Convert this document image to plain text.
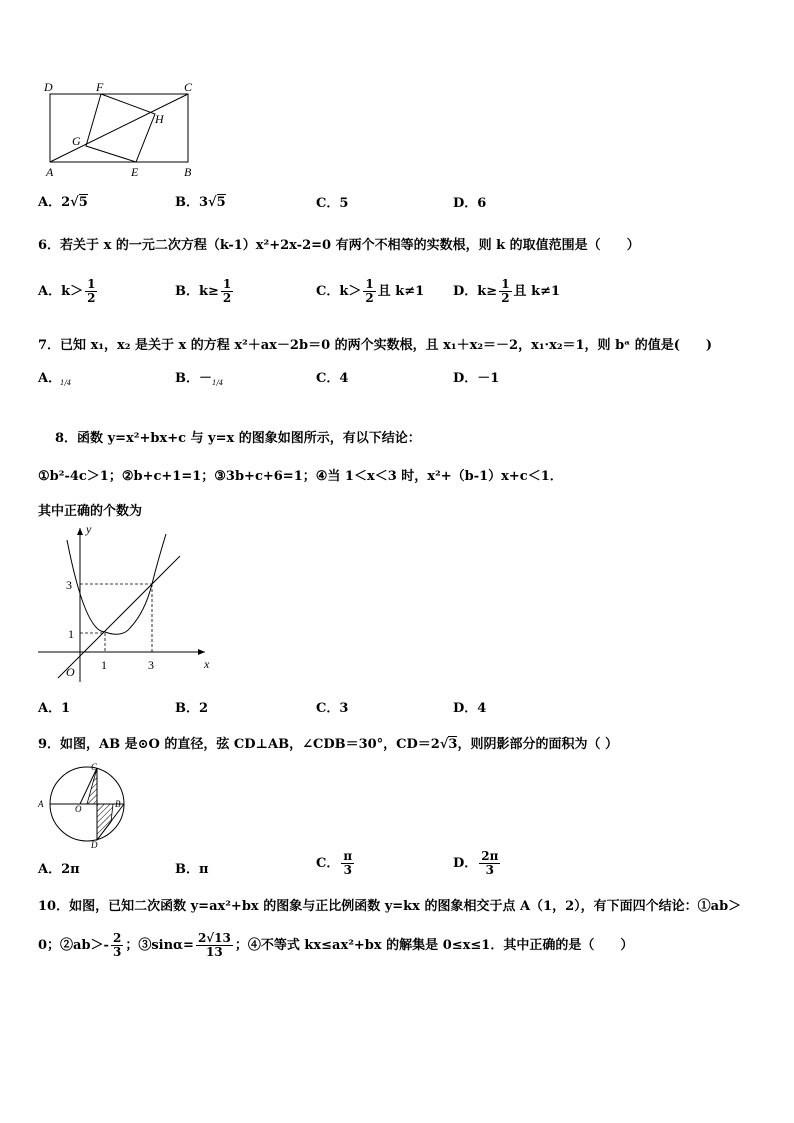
D	F	C
G
H
A	E	B
A．2√5	B．3√5	C．5	D．6
6．若关于 x 的一元二次方程（k-1）x²+2x-2=0 有两个不相等的实数根，则 k 的取值范围是（　　）
A．$k> \frac{1}{2}$	B．$k\ge \frac{1}{2}$	C．$k> \frac{1}{2}$ 且 k≠1 D．$k\ge \frac{1}{2}$ 且 k≠1
7．已知 x₁，x₂ 是关于 x 的方程 x²＋ax－2b＝0 的两个实数根，且 x₁＋x₂＝－2，x₁·x₂＝1，则 bᵃ 的值是(　　)
A．
1/4	B．－ 1/4	C．4	D．－1
8．函数 y=x²+bx+c 与 y=x 的图象如图所示，有以下结论：
①b²-4c＞1；②b+c+1=1；③3b+c+6=1；④当 1＜x＜3 时，x²+（b-1）x+c＜1．
其中正确的个数为
y
x
O 1	3
1
3
A．1	B．2	C．3	D．4
9．如图，AB 是⊙O 的直径，弦 CD⊥AB，∠CDB＝30°，CD＝2√3，则阴影部分的面积为（ ）
C
A	B
O
D
A．2π	B．π	C． $\frac{\pi}{3}$	D． $\frac{2\pi}{3}$
10．如图，已知二次函数 y=ax²+bx 的图象与正比例函数 y=kx 的图象相交于点 A（1，2），有下面四个结论：①ab＞
0；②ab＞- $\frac{2}{3}$ ；③sinα= $\frac{2√13}{13}$ ；④不等式 kx≤ax²+bx 的解集是 0≤x≤1．其中正确的是（　　）
